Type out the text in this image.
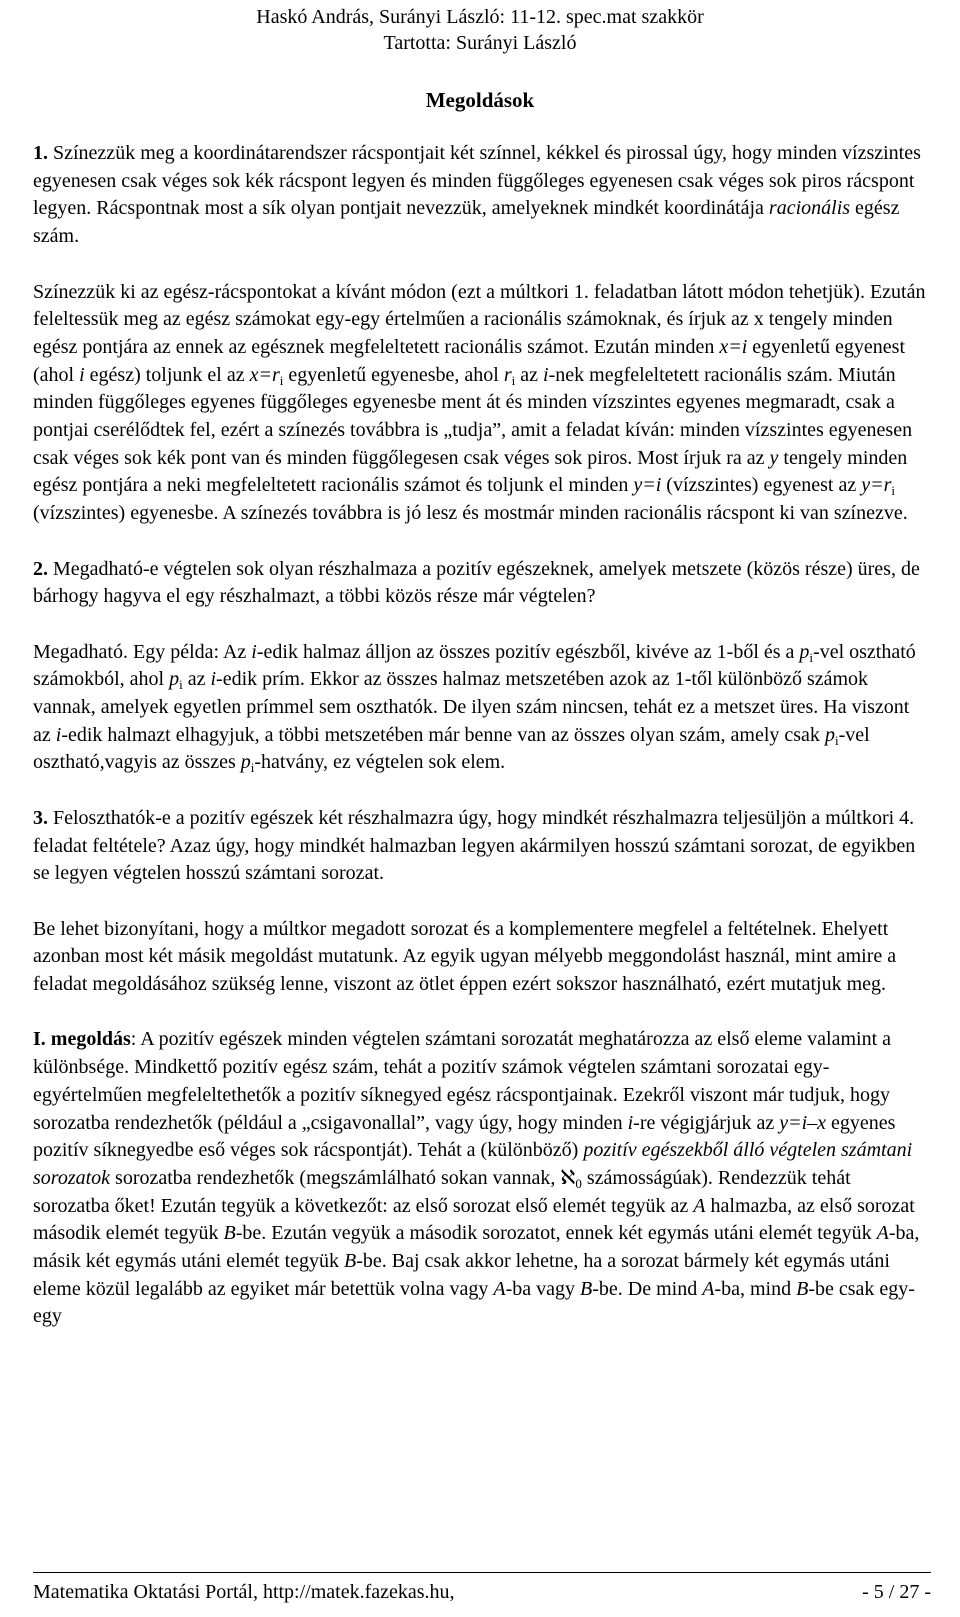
Haskó András, Surányi László: 11-12. spec.mat szakkör
Tartotta: Surányi László
Megoldások

1. Színezzük meg a koordinátarendszer rácspontjait két színnel, kékkel és pirossal úgy, hogy minden vízszintes egyenesen csak véges sok kék rácspont legyen és minden függőleges egyenesen csak véges sok piros rácspont legyen. Rácspontnak most a sík olyan pontjait nevezzük, amelyeknek mindkét koordinátája racionális egész szám.

Színezzük ki az egész-rácspontokat a kívánt módon (ezt a múltkori 1. feladatban látott módon tehetjük). Ezután feleltessük meg az egész számokat egy-egy értelműen a racionális számoknak, és írjuk az x tengely minden egész pontjára az ennek az egésznek megfeleltetett racionális számot. Ezután minden x=i egyenletű egyenest (ahol i egész) toljunk el az $x=r_i$ egyenletű egyenesbe, ahol $r_i$ az i-nek megfeleltetett racionális szám. Miután minden függőleges egyenes függőleges egyenesbe ment át és minden vízszintes egyenes megmaradt, csak a pontjai cserélődtek fel, ezért a színezés továbbra is „tudja”, amit a feladat kíván: minden vízszintes egyenesen csak véges sok kék pont van és minden függőlegesen csak véges sok piros. Most írjuk ra az y tengely minden egész pontjára a neki megfeleltetett racionális számot és toljunk el minden y=i (vízszintes) egyenest az $y=r_i$ (vízszintes) egyenesbe. A színezés továbbra is jó lesz és mostmár minden racionális rácspont ki van színezve.

2. Megadható-e végtelen sok olyan részhalmaza a pozitív egészeknek, amelyek metszete (közös része) üres, de bárhogy hagyva el egy részhalmazt, a többi közös része már végtelen?

Megadható. Egy példa: Az i-edik halmaz álljon az összes pozitív egészből, kivéve az 1-ből és a $p_i$-vel osztható számokból, ahol $p_i$ az i-edik prím. Ekkor az összes halmaz metszetében azok az 1-től különböző számok vannak, amelyek egyetlen prímmel sem oszthatók. De ilyen szám nincsen, tehát ez a metszet üres. Ha viszont az i-edik halmazt elhagyjuk, a többi metszetében már benne van az összes olyan szám, amely csak $p_i$-vel osztható,vagyis az összes $p_i$-hatvány, ez végtelen sok elem.

3. Feloszthatók-e a pozitív egészek két részhalmazra úgy, hogy mindkét részhalmazra teljesüljön a múltkori 4. feladat feltétele? Azaz úgy, hogy mindkét halmazban legyen akármilyen hosszú számtani sorozat, de egyikben se legyen végtelen hosszú számtani sorozat.

Be lehet bizonyítani, hogy a múltkor megadott sorozat és a komplementere megfelel a feltételnek. Ehelyett azonban most két másik megoldást mutatunk. Az egyik ugyan mélyebb meggondolást használ, mint amire a feladat megoldásához szükség lenne, viszont az ötlet éppen ezért sokszor használható, ezért mutatjuk meg.

I. megoldás: A pozitív egészek minden végtelen számtani sorozatát meghatározza az első eleme valamint a különbsége. Mindkettő pozitív egész szám, tehát a pozitív számok végtelen számtani sorozatai egy-egyértelműen megfeleltethetők a pozitív síknegyed egész rácspontjainak. Ezekről viszont már tudjuk, hogy sorozatba rendezhetők (például a „csigavonallal”, vagy úgy, hogy minden i-re végigjárjuk az y=i–x egyenes pozitív síknegyedbe eső véges sok rácspontját). Tehát a (különböző) pozitív egészekből álló végtelen számtani sorozatok sorozatba rendezhetők (megszámlálható sokan vannak, ℵ$_0$ számosságúak). Rendezzük tehát sorozatba őket! Ezután tegyük a következőt: az első sorozat első elemét tegyük az A halmazba, az első sorozat második elemét tegyük B-be. Ezután vegyük a második sorozatot, ennek két egymás utáni elemét tegyük A-ba, másik két egymás utáni elemét tegyük B-be. Baj csak akkor lehetne, ha a sorozat bármely két egymás utáni eleme közül legalább az egyiket már betettük volna vagy A-ba vagy B-be. De mind A-ba, mind B-be csak egy-egy

Matematika Oktatási Portál, http://matek.fazekas.hu,	- 5 / 27 -
